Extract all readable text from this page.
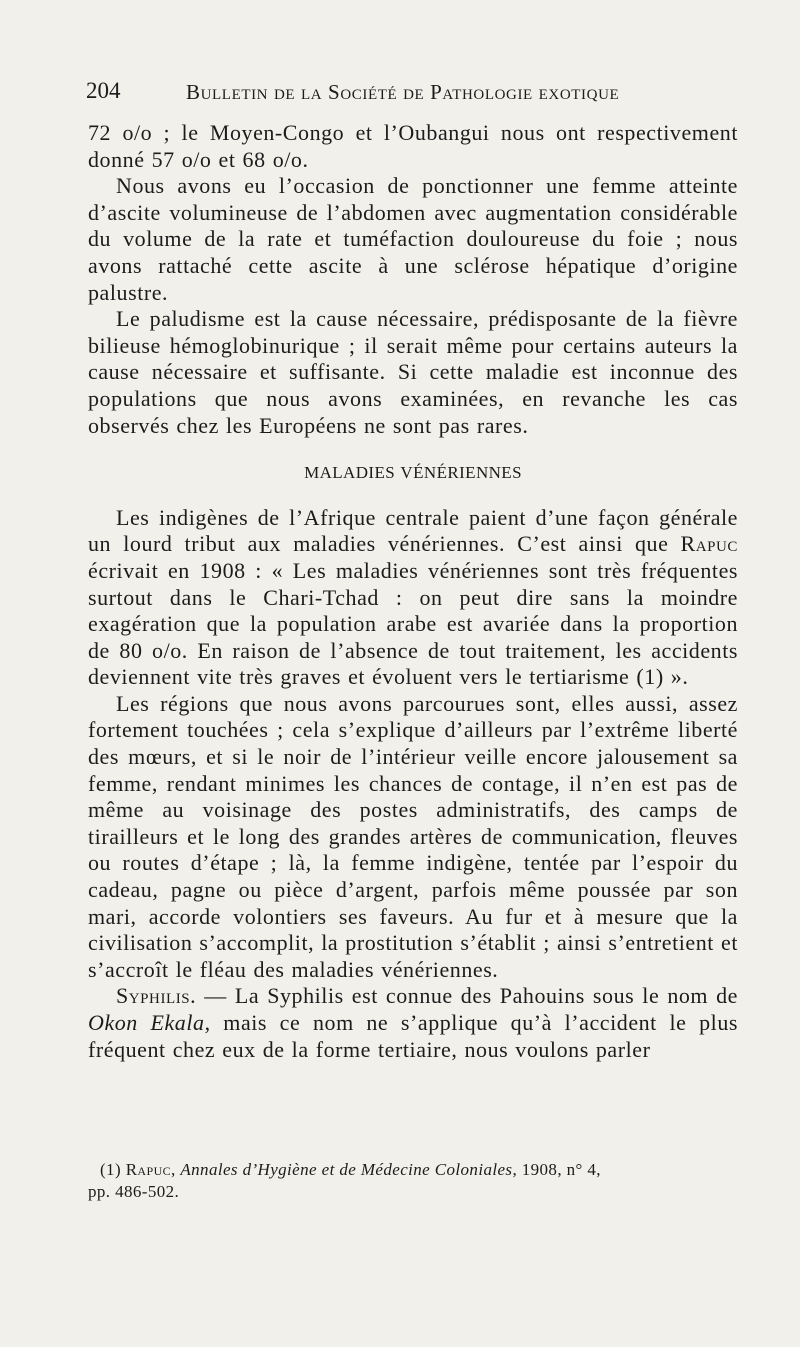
204	Bulletin de la Société de Pathologie exotique

72 o/o ; le Moyen-Congo et l’Oubangui nous ont respectivement donné 57 o/o et 68 o/o.

Nous avons eu l’occasion de ponctionner une femme atteinte d’ascite volumineuse de l’abdomen avec augmentation considérable du volume de la rate et tuméfaction douloureuse du foie ; nous avons rattaché cette ascite à une sclérose hépatique d’origine palustre.

Le paludisme est la cause nécessaire, prédisposante de la fièvre bilieuse hémoglobinurique ; il serait même pour certains auteurs la cause nécessaire et suffisante. Si cette maladie est inconnue des populations que nous avons examinées, en revanche les cas observés chez les Européens ne sont pas rares.

MALADIES VÉNÉRIENNES

Les indigènes de l’Afrique centrale paient d’une façon générale un lourd tribut aux maladies vénériennes. C’est ainsi que Rapuc écrivait en 1908 : « Les maladies vénériennes sont très fréquentes surtout dans le Chari-Tchad : on peut dire sans la moindre exagération que la population arabe est avariée dans la proportion de 80 o/o. En raison de l’absence de tout traitement, les accidents deviennent vite très graves et évoluent vers le tertiarisme (1) ».

Les régions que nous avons parcourues sont, elles aussi, assez fortement touchées ; cela s’explique d’ailleurs par l’extrême liberté des mœurs, et si le noir de l’intérieur veille encore jalousement sa femme, rendant minimes les chances de contage, il n’en est pas de même au voisinage des postes administratifs, des camps de tirailleurs et le long des grandes artères de communication, fleuves ou routes d’étape ; là, la femme indigène, tentée par l’espoir du cadeau, pagne ou pièce d’argent, parfois même poussée par son mari, accorde volontiers ses faveurs. Au fur et à mesure que la civilisation s’accomplit, la prostitution s’établit ; ainsi s’entretient et s’accroît le fléau des maladies vénériennes.

Syphilis. — La Syphilis est connue des Pahouins sous le nom de Okon Ekala, mais ce nom ne s’applique qu’à l’accident le plus fréquent chez eux de la forme tertiaire, nous voulons parler

(1) Rapuc, Annales d’Hygiène et de Médecine Coloniales, 1908, n° 4,
pp. 486-502.
